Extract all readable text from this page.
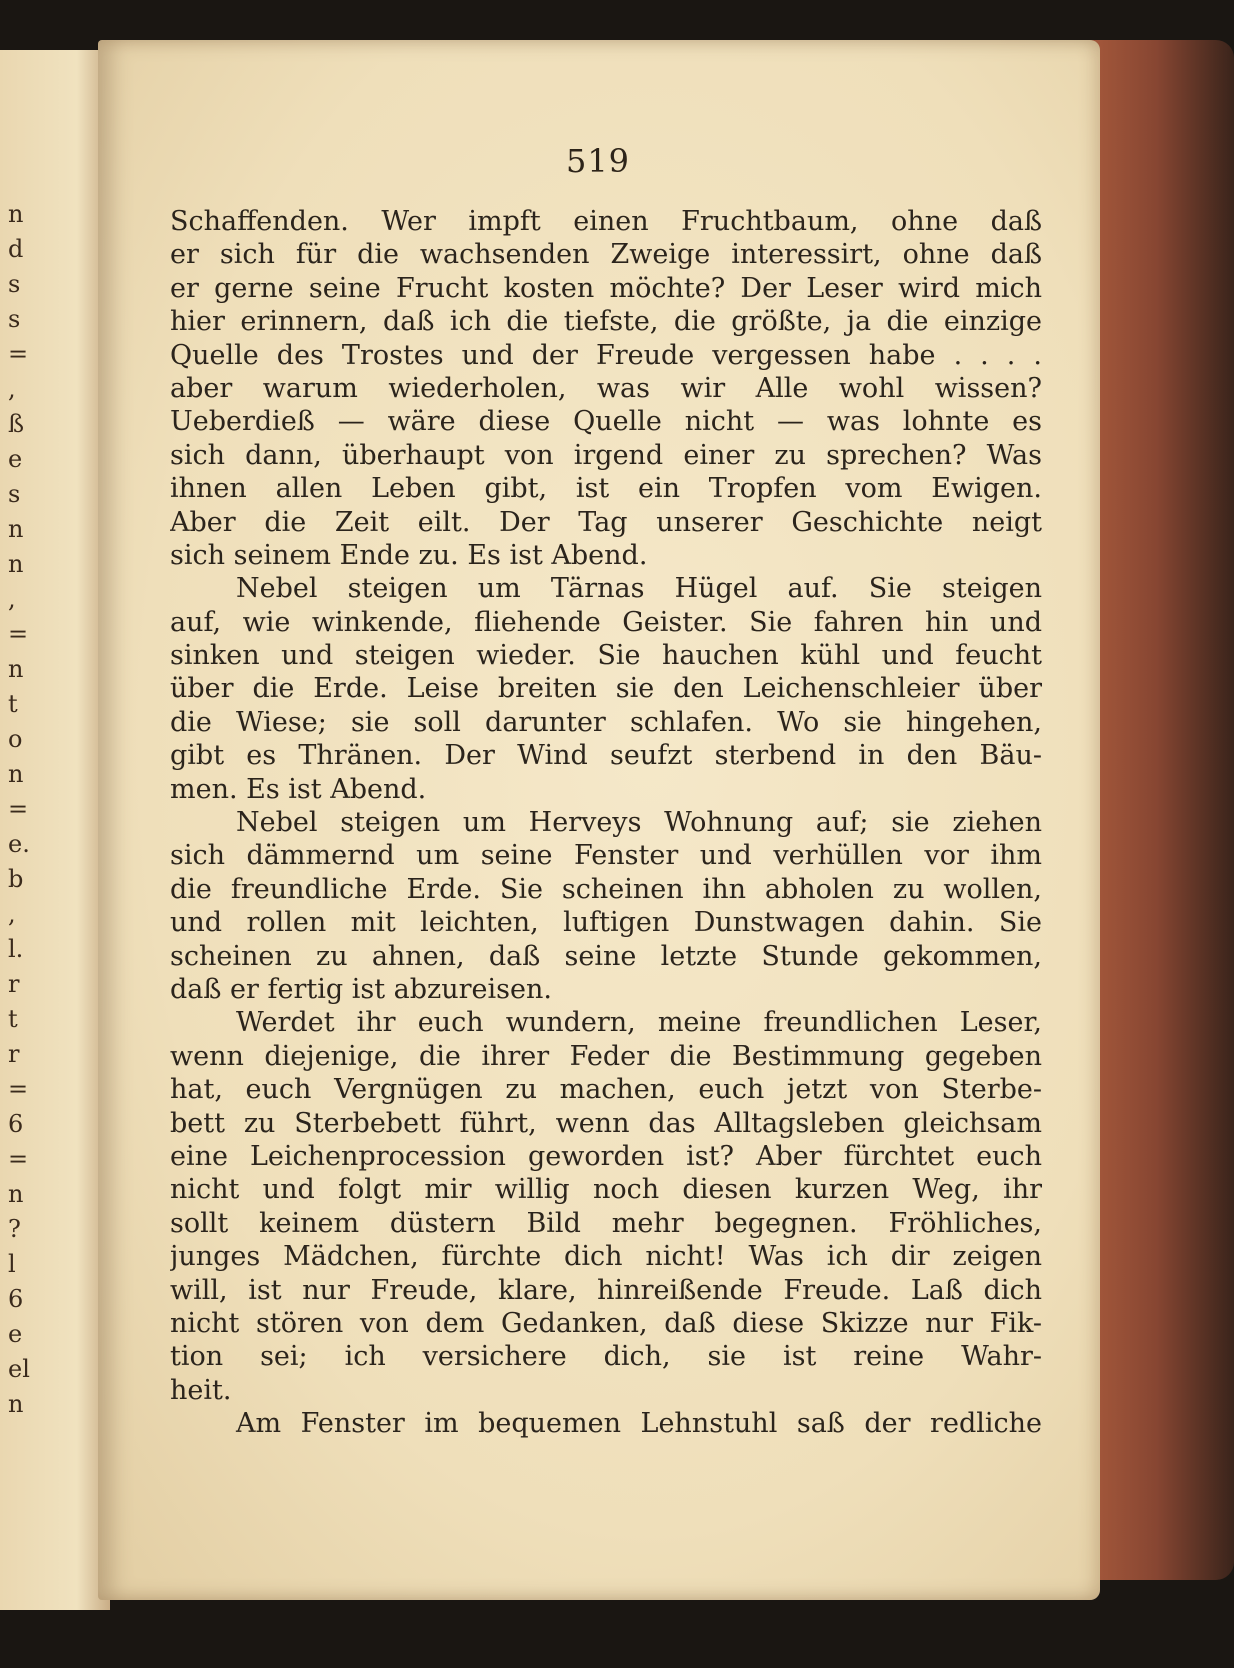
n
d
s
s
=
,
ß
e
s
n
n
,
=
n
t
o
n
=
e.
b
,
l.
r
t
r
=
6
=
n
?
l
6
e
el
n
519
Schaffenden. Wer impft einen Fruchtbaum, ohne daß
er sich für die wachsenden Zweige interessirt, ohne daß
er gerne seine Frucht kosten möchte? Der Leser wird mich
hier erinnern, daß ich die tiefste, die größte, ja die einzige
Quelle des Trostes und der Freude vergessen habe . . . .
aber warum wiederholen, was wir Alle wohl wissen?
Ueberdieß — wäre diese Quelle nicht — was lohnte es
sich dann, überhaupt von irgend einer zu sprechen? Was
ihnen allen Leben gibt, ist ein Tropfen vom Ewigen.
Aber die Zeit eilt. Der Tag unserer Geschichte neigt
sich seinem Ende zu. Es ist Abend.
Nebel steigen um Tärnas Hügel auf. Sie steigen
auf, wie winkende, fliehende Geister. Sie fahren hin und
sinken und steigen wieder. Sie hauchen kühl und feucht
über die Erde. Leise breiten sie den Leichenschleier über
die Wiese; sie soll darunter schlafen. Wo sie hingehen,
gibt es Thränen. Der Wind seufzt sterbend in den Bäu-
men. Es ist Abend.
Nebel steigen um Herveys Wohnung auf; sie ziehen
sich dämmernd um seine Fenster und verhüllen vor ihm
die freundliche Erde. Sie scheinen ihn abholen zu wollen,
und rollen mit leichten, luftigen Dunstwagen dahin. Sie
scheinen zu ahnen, daß seine letzte Stunde gekommen,
daß er fertig ist abzureisen.
Werdet ihr euch wundern, meine freundlichen Leser,
wenn diejenige, die ihrer Feder die Bestimmung gegeben
hat, euch Vergnügen zu machen, euch jetzt von Sterbe-
bett zu Sterbebett führt, wenn das Alltagsleben gleichsam
eine Leichenprocession geworden ist? Aber fürchtet euch
nicht und folgt mir willig noch diesen kurzen Weg, ihr
sollt keinem düstern Bild mehr begegnen. Fröhliches,
junges Mädchen, fürchte dich nicht! Was ich dir zeigen
will, ist nur Freude, klare, hinreißende Freude. Laß dich
nicht stören von dem Gedanken, daß diese Skizze nur Fik-
tion sei; ich versichere dich, sie ist reine Wahr-
heit.
Am Fenster im bequemen Lehnstuhl saß der redliche
